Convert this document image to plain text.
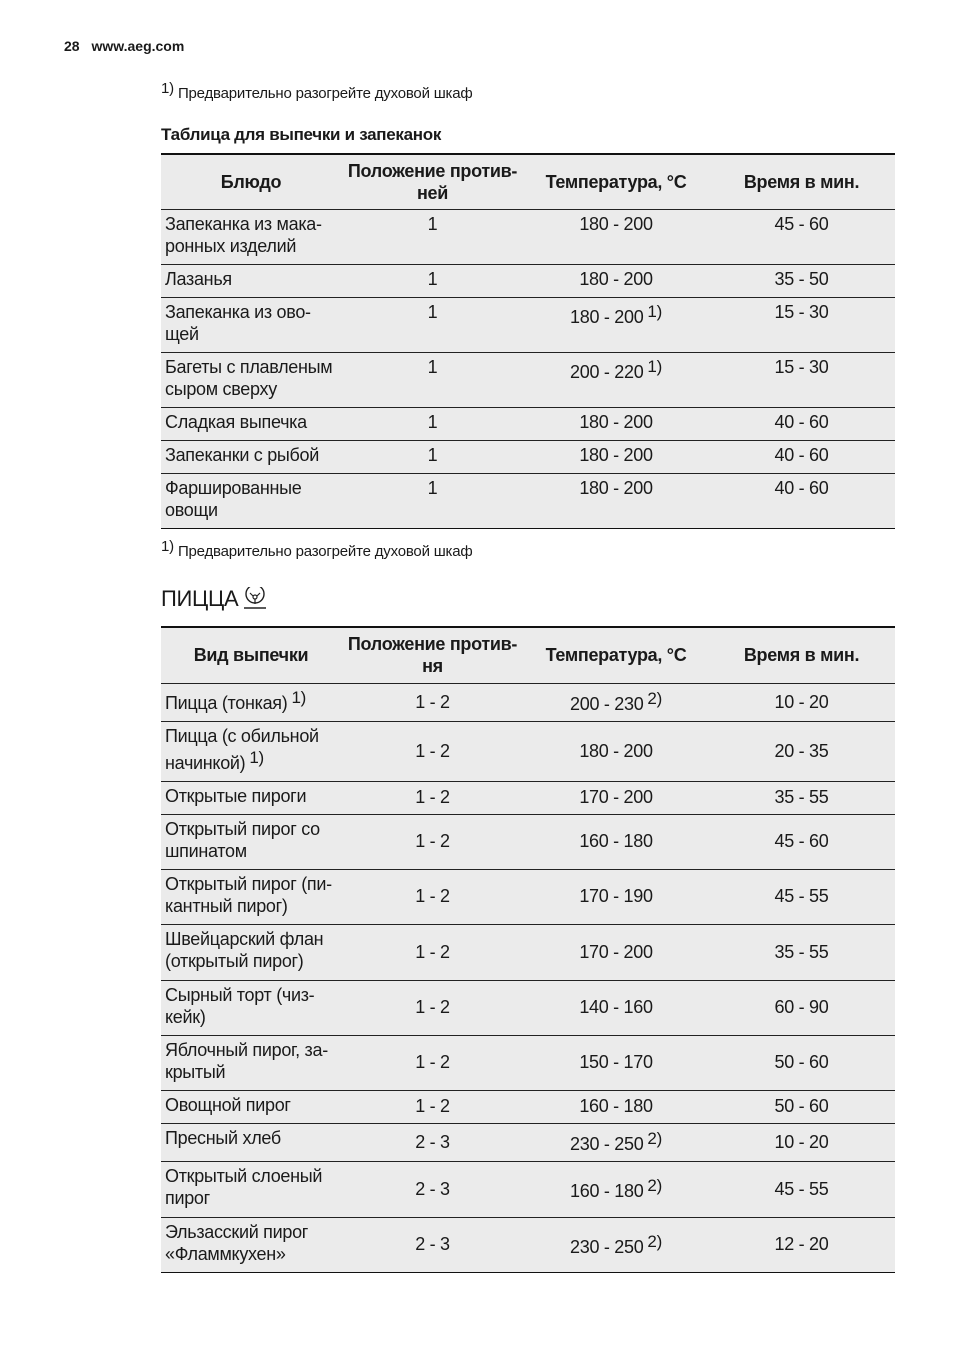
28 www.aeg.com
$^{1)}$ Предварительно разогрейте духовой шкаф
Таблица для выпечки и запеканок
Блюдо	Положение против-
ней	Температура, °C	Время в мин.
Запеканка из мака-
ронных изделий	1	180 - 200	45 - 60
Лазанья	1	180 - 200	35 - 50
Запеканка из ово-
щей	1	180 - 200 $^{1)}$	15 - 30
Багеты с плавленым
сыром сверху	1	200 - 220 $^{1)}$	15 - 30
Сладкая выпечка	1	180 - 200	40 - 60
Запеканки с рыбой	1	180 - 200	40 - 60
Фаршированные
овощи	1	180 - 200	40 - 60
$^{1)}$ Предварительно разогрейте духовой шкаф
ПИЦЦА
Вид выпечки	Положение против-
ня	Температура, °C	Время в мин.
Пицца (тонкая) $^{1)}$	1 - 2	200 - 230 $^{2)}$	10 - 20
Пицца (с обильной
начинкой) $^{1)}$	1 - 2	180 - 200	20 - 35
Открытые пироги	1 - 2	170 - 200	35 - 55
Открытый пирог со
шпинатом	1 - 2	160 - 180	45 - 60
Открытый пирог (пи-
кантный пирог)	1 - 2	170 - 190	45 - 55
Швейцарский флан
(открытый пирог)	1 - 2	170 - 200	35 - 55
Сырный торт (чиз-
кейк)	1 - 2	140 - 160	60 - 90
Яблочный пирог, за-
крытый	1 - 2	150 - 170	50 - 60
Овощной пирог	1 - 2	160 - 180	50 - 60
Пресный хлеб	2 - 3	230 - 250 $^{2)}$	10 - 20
Открытый слоеный
пирог	2 - 3	160 - 180 $^{2)}$	45 - 55
Эльзасский пирог
«Фламмкухен»	2 - 3	230 - 250 $^{2)}$	12 - 20
